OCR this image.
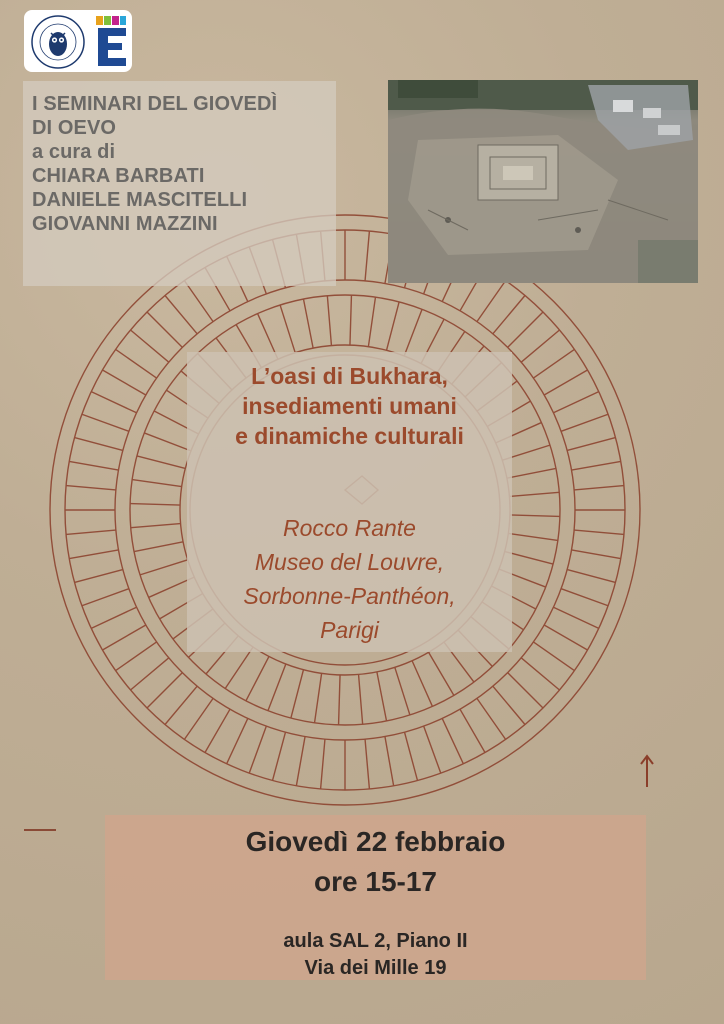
I SEMINARI DEL GIOVEDÌ
DI OEVO
a cura di
CHIARA BARBATI
DANIELE MASCITELLI
GIOVANNI MAZZINI
L’oasi di Bukhara,
insediamenti umani
e dinamiche culturali
Rocco Rante
Museo del Louvre,
Sorbonne-Panthéon,
Parigi
Giovedì 22 febbraio
ore 15-17
aula SAL 2, Piano II
Via dei Mille 19
